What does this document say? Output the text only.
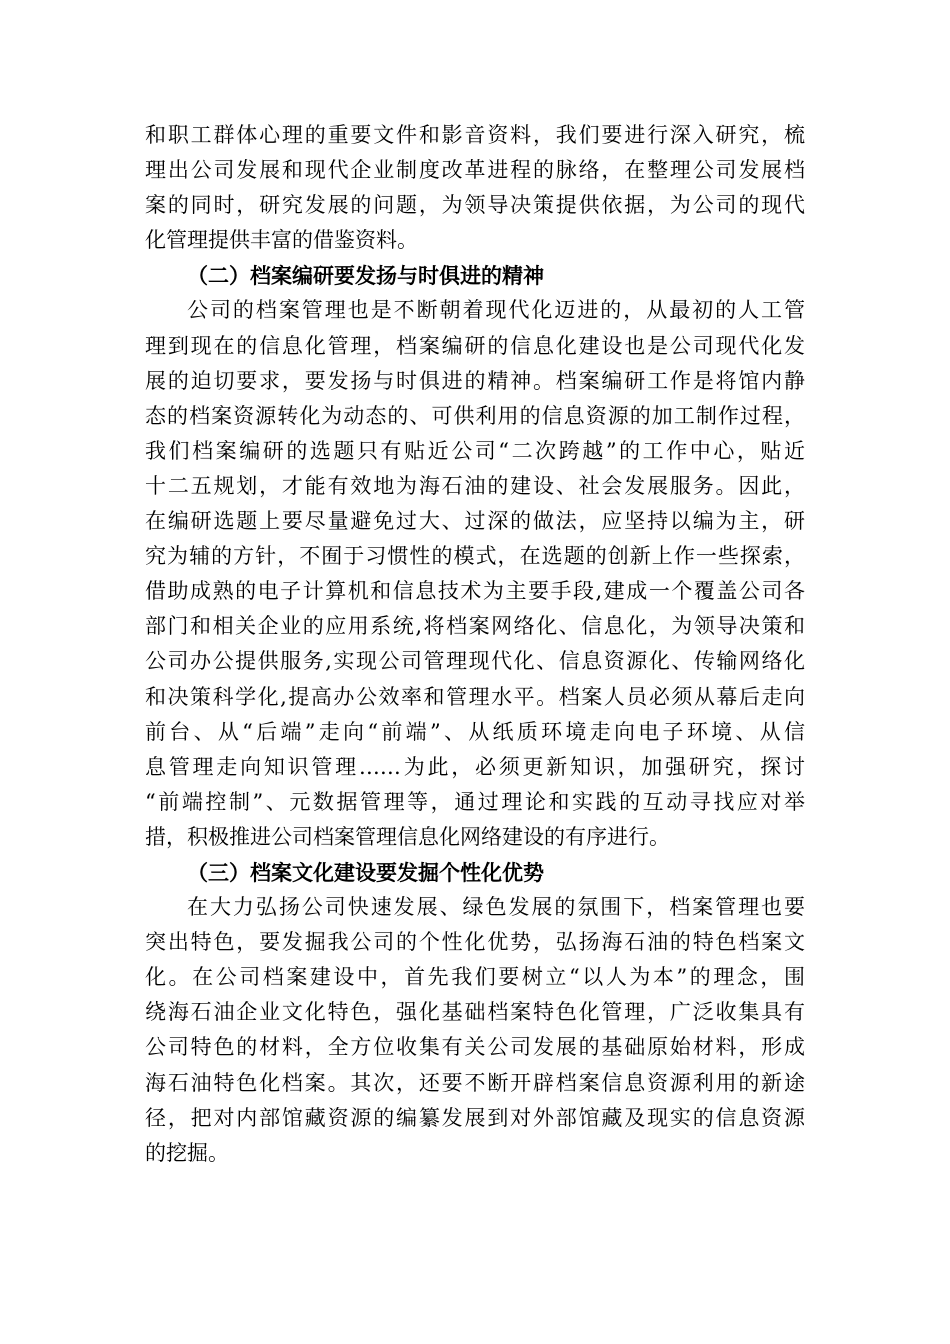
和职工群体心理的重要文件和影音资料，我们要进行深入研究，梳
理出公司发展和现代企业制度改革进程的脉络，在整理公司发展档
案的同时，研究发展的问题，为领导决策提供依据，为公司的现代
化管理提供丰富的借鉴资料。
（二）档案编研要发扬与时俱进的精神
公司的档案管理也是不断朝着现代化迈进的，从最初的人工管
理到现在的信息化管理，档案编研的信息化建设也是公司现代化发
展的迫切要求，要发扬与时俱进的精神。档案编研工作是将馆内静
态的档案资源转化为动态的、可供利用的信息资源的加工制作过程，
我们档案编研的选题只有贴近公司“二次跨越”的工作中心，贴近
十二五规划，才能有效地为海石油的建设、社会发展服务。因此，
在编研选题上要尽量避免过大、过深的做法，应坚持以编为主，研
究为辅的方针，不囿于习惯性的模式，在选题的创新上作一些探索，
借助成熟的电子计算机和信息技术为主要手段,建成一个覆盖公司各
部门和相关企业的应用系统,将档案网络化、信息化，为领导决策和
公司办公提供服务,实现公司管理现代化、信息资源化、传输网络化
和决策科学化,提高办公效率和管理水平。档案人员必须从幕后走向
前台、从“后端”走向“前端”、从纸质环境走向电子环境、从信
息管理走向知识管理……为此，必须更新知识，加强研究，探讨
“前端控制”、元数据管理等，通过理论和实践的互动寻找应对举
措，积极推进公司档案管理信息化网络建设的有序进行。
（三）档案文化建设要发掘个性化优势
在大力弘扬公司快速发展、绿色发展的氛围下，档案管理也要
突出特色，要发掘我公司的个性化优势，弘扬海石油的特色档案文
化。在公司档案建设中，首先我们要树立“以人为本”的理念，围
绕海石油企业文化特色，强化基础档案特色化管理，广泛收集具有
公司特色的材料，全方位收集有关公司发展的基础原始材料，形成
海石油特色化档案。其次，还要不断开辟档案信息资源利用的新途
径，把对内部馆藏资源的编纂发展到对外部馆藏及现实的信息资源
的挖掘。
